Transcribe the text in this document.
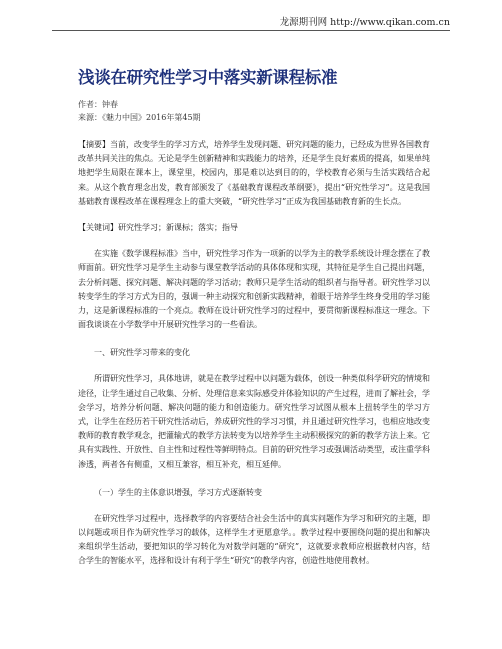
龙源期刊网 http://www.qikan.com.cn
浅谈在研究性学习中落实新课程标准
作者：钟春
来源：《魅力中国》2016年第45期

【摘要】当前，改变学生的学习方式，培养学生发现问题、研究问题的能力，已经成为世界各国教育改革共同关注的焦点。无论是学生创新精神和实践能力的培养，还是学生良好素质的提高，如果单纯地把学生局限在课本上，课堂里，校园内，那是难以达到目的的，学校教育必须与生活实践结合起来。从这个教育理念出发，教育部颁发了《基础教育课程改革纲要》，提出“研究性学习”。这是我国基础教育课程改革在课程理念上的重大突破，“研究性学习”正成为我国基础教育新的生长点。

【关键词】研究性学习；新课标；落实；指导

在实施《数学课程标准》当中，研究性学习作为一项新的以学为主的教学系统设计理念摆在了教师面前。研究性学习是学生主动参与课堂教学活动的具体体现和实现，其特征是学生自己提出问题，去分析问题、探究问题、解决问题的学习活动；教师只是学生活动的组织者与指导者。研究性学习以转变学生的学习方式为目的，强调一种主动探究和创新实践精神，着眼于培养学生终身受用的学习能力，这是新课程标准的一个亮点。教师在设计研究性学习的过程中，要贯彻新课程标准这一理念。下面我谈谈在小学数学中开展研究性学习的一些看法。

一、研究性学习带来的变化

所谓研究性学习，具体地讲，就是在教学过程中以问题为载体，创设一种类似科学研究的情境和途径，让学生通过自己收集、分析、处理信息来实际感受并体验知识的产生过程，进而了解社会，学会学习，培养分析问题、解决问题的能力和创造能力。研究性学习试图从根本上扭转学生的学习方式，让学生在经历若干研究性活动后，养成研究性的学习习惯，并且通过研究性学习，也相应地改变教师的教育教学观念，把灌输式的教学方法转变为以培养学生主动积极探究的新的教学方法上来。它具有实践性、开放性、自主性和过程性等鲜明特点。目前的研究性学习或强调活动类型，或注重学科渗透，两者各有侧重，又相互兼容，相互补充，相互延伸。

（一）学生的主体意识增强，学习方式逐渐转变

在研究性学习过程中，选择教学的内容要结合社会生活中的真实问题作为学习和研究的主题，即以问题或项目作为研究性学习的载体，这样学生才更愿意学。。教学过程中要围绕问题的提出和解决来组织学生活动，要把知识的学习转化为对数学问题的“研究”，这就要求教师应根据教材内容，结合学生的智能水平，选择和设计有利于学生“研究”的教学内容，创造性地使用教材。
